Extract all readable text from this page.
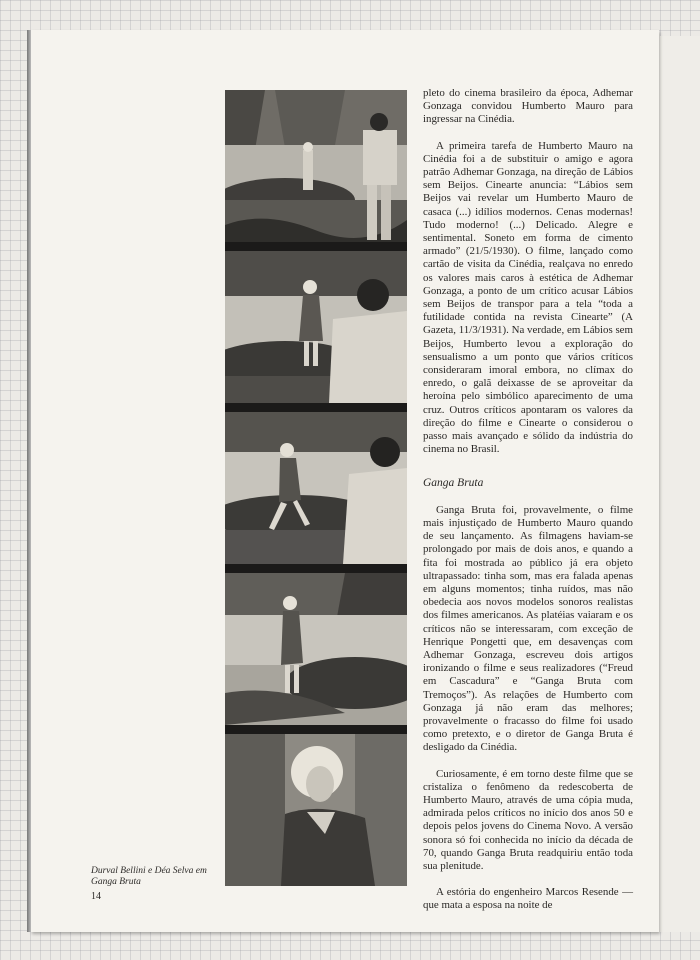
Durval Bellini e Déa Selva em Ganga Bruta
14

pleto do cinema brasileiro da época, Adhemar Gonzaga convidou Humberto Mauro para ingressar na Cinédia.

A primeira tarefa de Humberto Mauro na Cinédia foi a de substituir o amigo e agora patrão Adhemar Gonzaga, na direção de Lábios sem Beijos. Cinearte anuncia: “Lábios sem Beijos vai revelar um Humberto Mauro de casaca (...) idílios modernos. Cenas modernas! Tudo moderno! (...) Delicado. Alegre e sentimental. Soneto em forma de cimento armado” (21/5/1930). O filme, lançado como cartão de visita da Cinédia, realçava no enredo os valores mais caros à estética de Adhemar Gonzaga, a ponto de um crítico acusar Lábios sem Beijos de transpor para a tela “toda a futilidade contida na revista Cinearte” (A Gazeta, 11/3/1931). Na verdade, em Lábios sem Beijos, Humberto levou a exploração do sensualismo a um ponto que vários críticos consideraram imoral embora, no clímax do enredo, o galã deixasse de se aproveitar da heroína pelo simbólico aparecimento de uma cruz. Outros críticos apontaram os valores da direção do filme e Cinearte o considerou o passo mais avançado e sólido da indústria do cinema no Brasil.

Ganga Bruta

Ganga Bruta foi, provavelmente, o filme mais injustiçado de Humberto Mauro quando de seu lançamento. As filmagens haviam-se prolongado por mais de dois anos, e quando a fita foi mostrada ao público já era objeto ultrapassado: tinha som, mas era falada apenas em alguns momentos; tinha ruídos, mas não obedecia aos novos modelos sonoros realistas dos filmes americanos. As platéias vaiaram e os críticos não se interessaram, com exceção de Henrique Pongetti que, em desavenças com Adhemar Gonzaga, escreveu dois artigos ironizando o filme e seus realizadores (“Freud em Cascadura” e “Ganga Bruta com Tremoços”). As relações de Humberto com Gonzaga já não eram das melhores; provavelmente o fracasso do filme foi usado como pretexto, e o diretor de Ganga Bruta é desligado da Cinédia.

Curiosamente, é em torno deste filme que se cristaliza o fenômeno da redescoberta de Humberto Mauro, através de uma cópia muda, admirada pelos críticos no início dos anos 50 e depois pelos jovens do Cinema Novo. A versão sonora só foi conhecida no início da década de 70, quando Ganga Bruta readquiriu então toda sua plenitude.

A estória do engenheiro Marcos Resende — que mata a esposa na noite de
